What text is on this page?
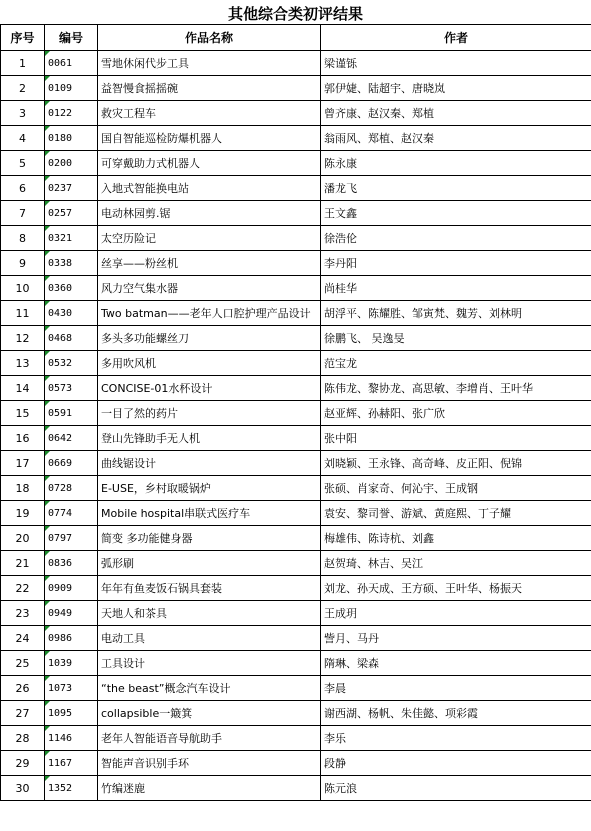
其他综合类初评结果
序号	编号	作品名称	作者
1	0061	雪地休闲代步工具	梁谨铄
2	0109	益智慢食摇摇碗	郭伊婕、陆超宇、唐晓岚
3	0122	救灾工程车	曾齐康、赵汉秦、郑植
4	0180	国自智能巡检防爆机器人	翁雨风、郑植、赵汉秦
5	0200	可穿戴助力式机器人	陈永康
6	0237	入地式智能换电站	潘龙飞
7	0257	电动林园剪.锯	王文鑫
8	0321	太空历险记	徐浩伦
9	0338	丝享——粉丝机	李丹阳
10	0360	风力空气集水器	尚桂华
11	0430	Two batman——老年人口腔护理产品设计	胡浮平、陈耀胜、邹寅梵、魏芳、刘林明
12	0468	多头多功能螺丝刀	徐鹏飞、 吴逸旻
13	0532	多用吹风机	范宝龙
14	0573	CONCISE-01水杯设计	陈伟龙、黎协龙、高思敏、李增肖、王叶华
15	0591	一目了然的药片	赵亚辉、孙赫阳、张广欣
16	0642	登山先锋助手无人机	张中阳
17	0669	曲线锯设计	刘晓颖、王永锋、高奇峰、皮正阳、倪锦
18	0728	E-USE，乡村取暖锅炉	张硕、肖家奇、何沁宇、王成钢
19	0774	Mobile hospital串联式医疗车	袁安、黎司誉、游斌、黄庭熙、丁子耀
20	0797	简变 多功能健身器	梅雄伟、陈诗杭、刘鑫
21	0836	弧形刷	赵贺琦、林吉、吴江
22	0909	年年有鱼麦饭石锅具套装	刘龙、孙天成、王方硕、王叶华、杨振天
23	0949	天地人和茶具	王成玥
24	0986	电动工具	訾月、马丹
25	1039	工具设计	隋琳、梁森
26	1073	“the beast”概念汽车设计	李晨
27	1095	collapsible一簸箕	谢西湖、杨帆、朱佳懿、项彩霞
28	1146	老年人智能语音导航助手	李乐
29	1167	智能声音识别手环	段静
30	1352	竹编迷鹿	陈元浪
